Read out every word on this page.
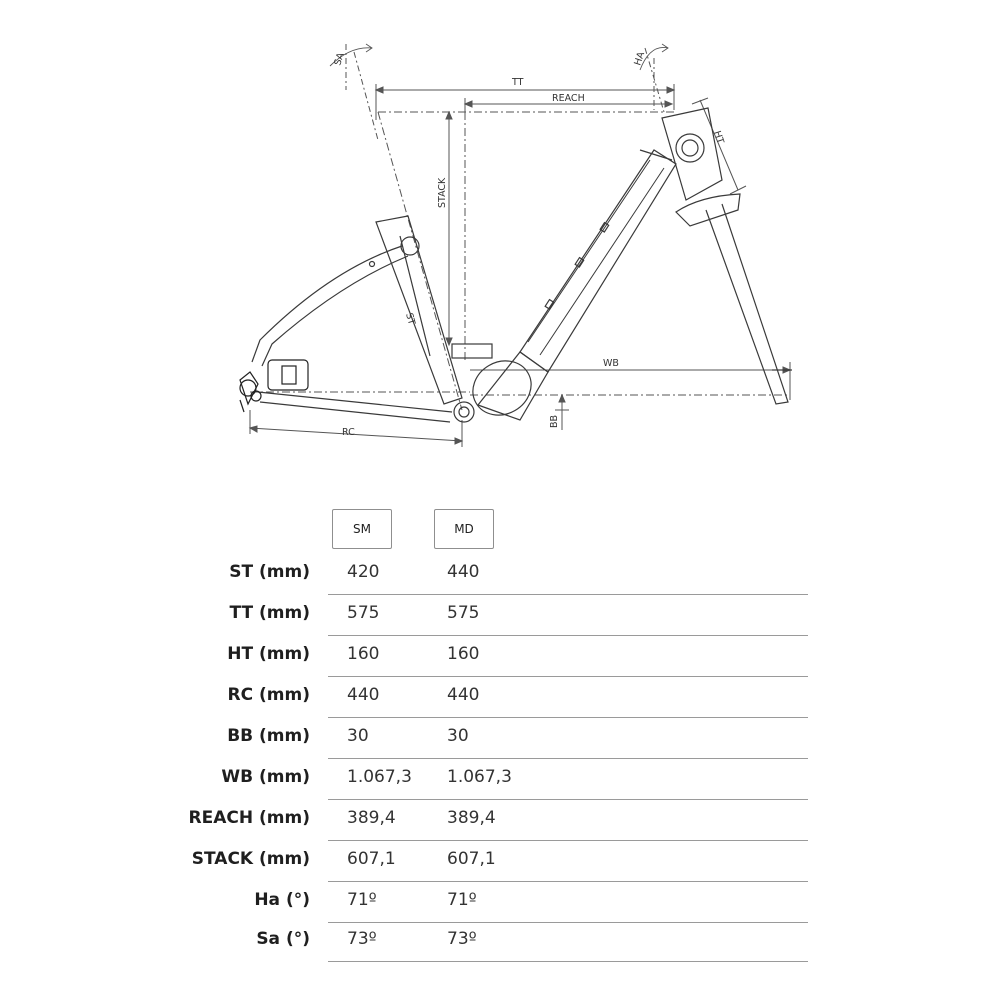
SA	HA
TT
REACH
HT
STACK
ST
WB
RC
BB
SM	MD
ST (mm) 420	440
TT (mm) 575	575
HT (mm) 160	160
RC (mm) 440	440
BB (mm) 30	30
WB (mm) 1.067,3 1.067,3
REACH (mm) 389,4	389,4
STACK (mm) 607,1	607,1
Ha (°) 71º	71º
Sa (°) 73º	73º
